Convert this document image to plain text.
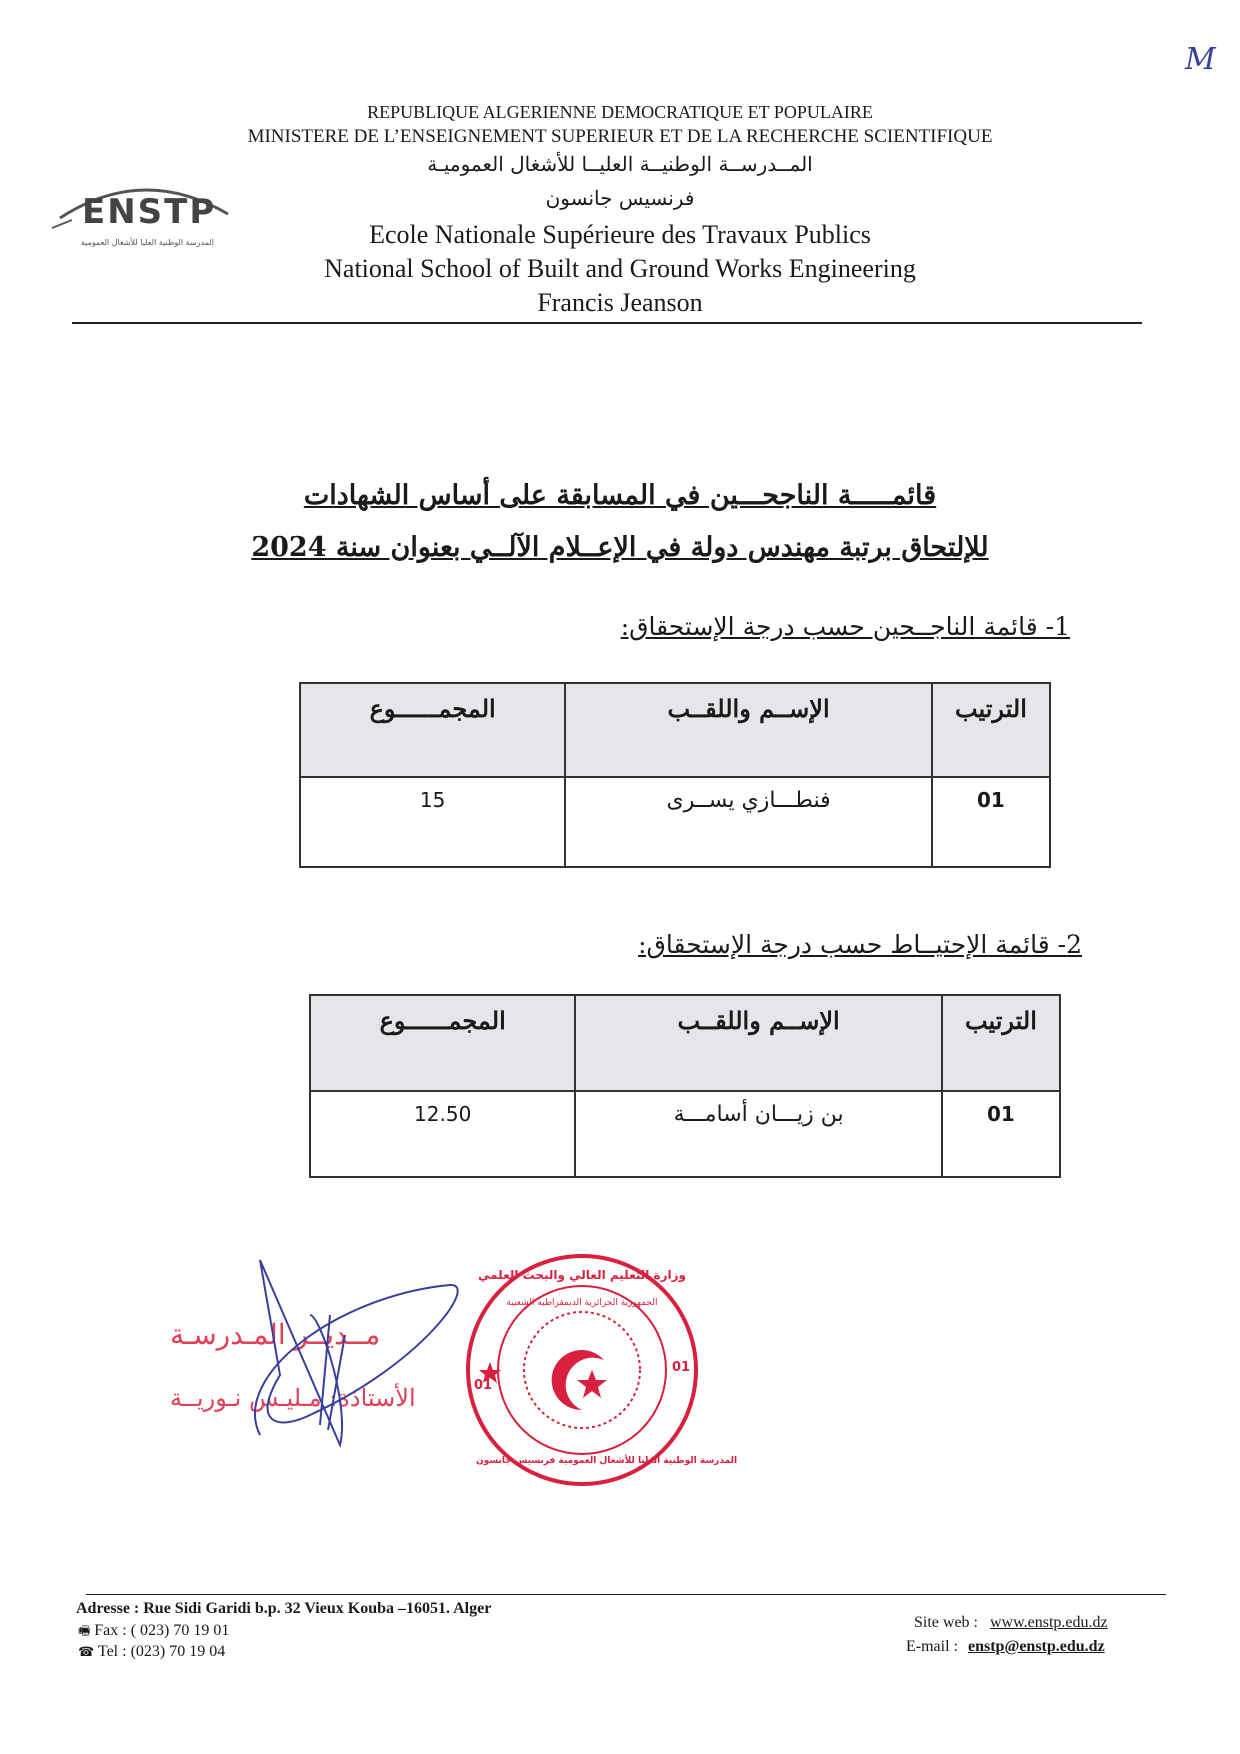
M
REPUBLIQUE ALGERIENNE DEMOCRATIQUE ET POPULAIRE
MINISTERE DE L’ENSEIGNEMENT SUPERIEUR ET DE LA RECHERCHE SCIENTIFIQUE
المــدرســة الوطنيــة العليــا للأشغال العموميـة
فرنسيس جانسون
Ecole Nationale Supérieure des Travaux Publics
National School of Built and Ground Works Engineering
Francis Jeanson
ENSTP
المدرسة الوطنية العليا للأشغال العمومية
قائمـــــة الناجحـــين في المسابقة على أساس الشهادات
للإلتحاق برتبة مهندس دولة في الإعــلام الآلــي بعنوان سنة 2024
1- قائمة الناجــحين حسب درجة الإستحقاق:
الترتيب	الإســم واللقــب	المجمــــــوع
01	فنطـــازي يســرى	15
2- قائمة الإحتيــاط حسب درجة الإستحقاق:
الترتيب	الإســم واللقــب	المجمــــــوع
01	بن زيـــان أسامـــة	12.50
مــديــر المـدرسـة
الأستاذة: مـليـس نـوريــة
وزارة التعليم العالي والبحث العلمي
الجمهورية الجزائرية الديمقراطية الشعبية
المدرسة الوطنية العليا للأشغال العمومية فرنسيس جانسون
01
01
Adresse : Rue Sidi Garidi b.p. 32 Vieux Kouba –16051. Alger
🖷 Fax : ( 023) 70 19 01
☎ Tel : (023) 70 19 04
Site web : www.enstp.edu.dz
E-mail : enstp@enstp.edu.dz
